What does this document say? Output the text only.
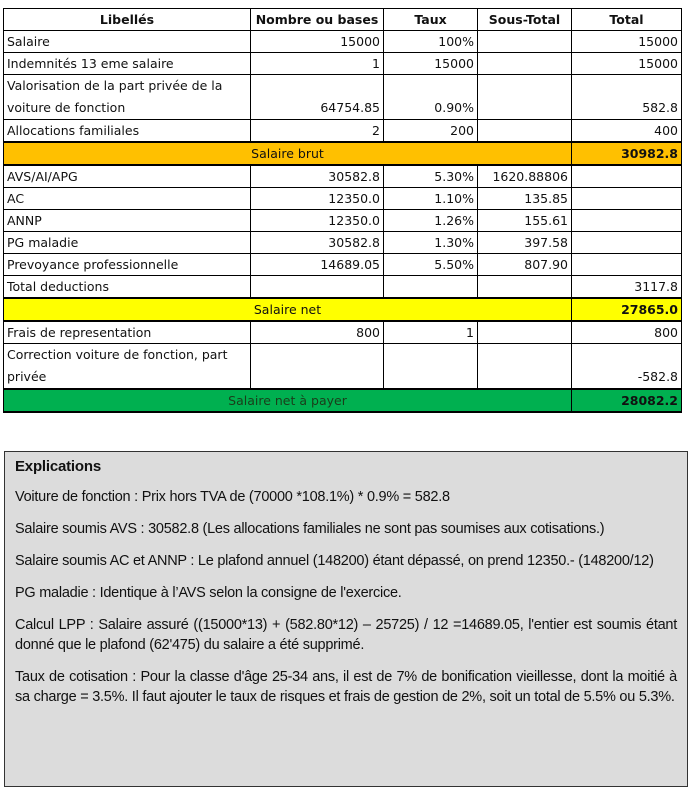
Libellés	Nombre ou bases	Taux	Sous-Total	Total
Salaire	15000	100%		15000
Indemnités 13 eme salaire	1	15000		15000
Valorisation de la part privée de la voiture de fonction	64754.85	0.90%		582.8
Allocations familiales	2	200		400
Salaire brut				30982.8
AVS/AI/APG	30582.8	5.30%	1620.88806	
AC	12350.0	1.10%	135.85	
ANNP	12350.0	1.26%	155.61	
PG maladie	30582.8	1.30%	397.58	
Prevoyance professionnelle	14689.05	5.50%	807.90	
Total deductions				3117.8
Salaire net				27865.0
Frais de representation	800	1		800
Correction voiture de fonction, part privée				-582.8
Salaire net à payer				28082.2
Explications

Voiture de fonction : Prix hors TVA de (70000 *108.1%) * 0.9% = 582.8

Salaire soumis AVS : 30582.8 (Les allocations familiales ne sont pas soumises aux cotisations.)

Salaire soumis AC et ANNP : Le plafond annuel (148200) étant dépassé, on prend 12350.- (148200/12)

PG maladie : Identique à l’AVS selon la consigne de l'exercice.

Calcul LPP : Salaire assuré ((15000*13) + (582.80*12) – 25725) / 12 =14689.05, l'entier est soumis étant donné que le plafond (62'475) du salaire a été supprimé.

Taux de cotisation : Pour la classe d'âge 25-34 ans, il est de 7% de bonification vieillesse, dont la moitié à sa charge = 3.5%. Il faut ajouter le taux de risques et frais de gestion de 2%, soit un total de 5.5% ou 5.3%.
